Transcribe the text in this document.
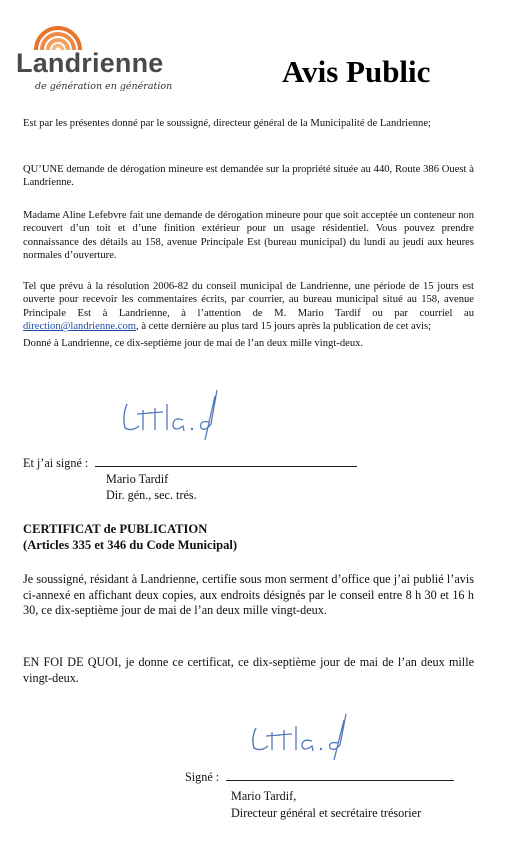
Landrienne
de génération en génération	Avis Public

Est par les présentes donné par le soussigné, directeur général de la Municipalité de Landrienne;

QU’UNE demande de dérogation mineure est demandée sur la propriété située au 440, Route 386 Ouest à Landrienne.

Madame Aline Lefebvre fait une demande de dérogation mineure pour que soit acceptée un conteneur non recouvert d’un toit et d’une finition extérieur pour un usage résidentiel. Vous pouvez prendre connaissance des détails au 158, avenue Principale Est (bureau municipal) du lundi au jeudi aux heures normales d’ouverture.

Tel que prévu à la résolution 2006-82 du conseil municipal de Landrienne, une période de 15 jours est ouverte pour recevoir les commentaires écrits, par courrier, au bureau municipal situé au 158, avenue Principale Est à Landrienne, à l’attention de M. Mario Tardif ou par courriel au direction@landrienne.com, à cette dernière au plus tard 15 jours après la publication de cet avis;

Donné à Landrienne, ce dix-septième jour de mai de l’an deux mille vingt-deux.

Et j’ai signé :
Mario Tardif
Dir. gén., sec. trés.
CERTIFICAT de PUBLICATION
(Articles 335 et 346 du Code Municipal)

Je soussigné, résidant à Landrienne, certifie sous mon serment d’office que j’ai publié l’avis ci-annexé en affichant deux copies, aux endroits désignés par le conseil entre 8 h 30 et 16 h 30, ce dix-septième jour de mai de l’an deux mille vingt-deux.

EN FOI DE QUOI, je donne ce certificat, ce dix-septième jour de mai de l’an deux mille vingt-deux.

Signé :
Mario Tardif,
Directeur général et secrétaire trésorier
